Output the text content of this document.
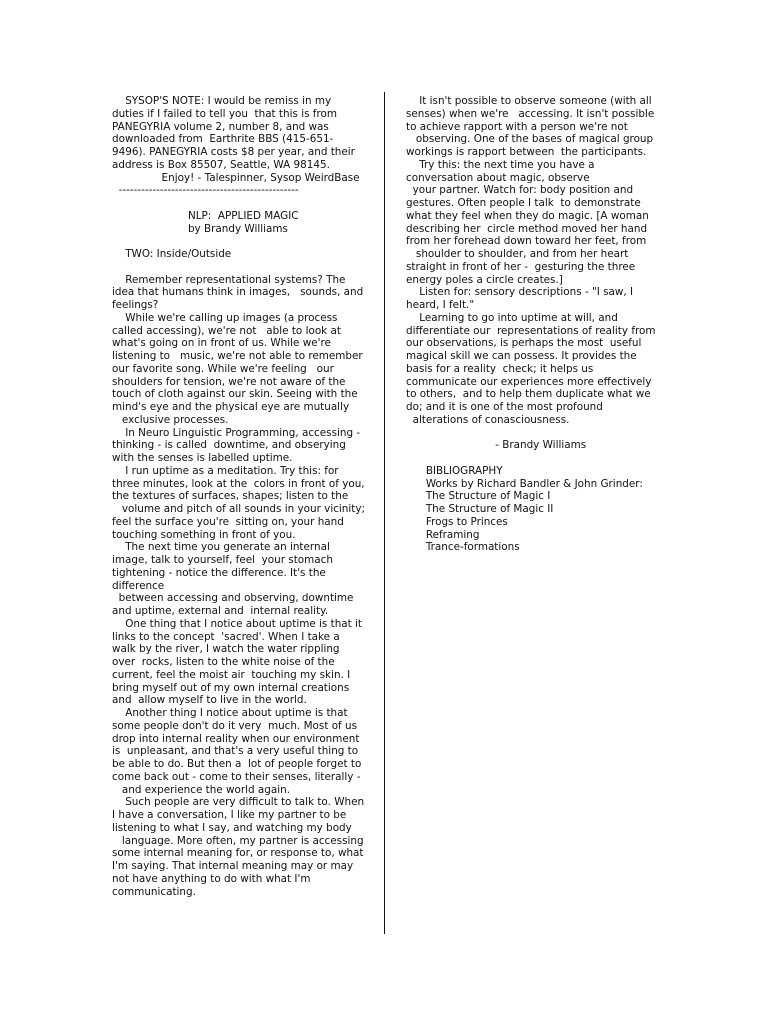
SYSOP'S NOTE: I would be remiss in my
duties if I failed to tell you  that this is from
PANEGYRIA volume 2, number 8, and was
downloaded from  Earthrite BBS (415-651-
9496). PANEGYRIA costs $8 per year, and their
address is Box 85507, Seattle, WA 98145.
Enjoy! - Talespinner, Sysop WeirdBase
------------------------------------------------
NLP:  APPLIED MAGIC
by Brandy Williams
TWO: Inside/Outside
Remember representational systems? The
idea that humans think in images,   sounds, and
feelings?
While we're calling up images (a process
called accessing), we're not   able to look at
what's going on in front of us. While we're
listening to   music, we're not able to remember
our favorite song. While we're feeling   our
shoulders for tension, we're not aware of the
touch of cloth against our skin. Seeing with the
mind's eye and the physical eye are mutually
exclusive processes.
In Neuro Linguistic Programming, accessing -
thinking - is called  downtime, and obserying
with the senses is labelled uptime.
I run uptime as a meditation. Try this: for
three minutes, look at the  colors in front of you,
the textures of surfaces, shapes; listen to the
volume and pitch of all sounds in your vicinity;
feel the surface you're  sitting on, your hand
touching something in front of you.
The next time you generate an internal
image, talk to yourself, feel  your stomach
tightening - notice the difference. It's the
difference
between accessing and observing, downtime
and uptime, external and  internal reality.
One thing that I notice about uptime is that it
links to the concept  'sacred'. When I take a
walk by the river, I watch the water rippling
over  rocks, listen to the white noise of the
current, feel the moist air  touching my skin. I
bring myself out of my own internal creations
and  allow myself to live in the world.
Another thing I notice about uptime is that
some people don't do it very  much. Most of us
drop into internal reality when our environment
is  unpleasant, and that's a very useful thing to
be able to do. But then a  lot of people forget to
come back out - come to their senses, literally -
and experience the world again.
Such people are very difficult to talk to. When
I have a conversation, I like my partner to be
listening to what I say, and watching my body
language. More often, my partner is accessing
some internal meaning for, or response to, what
I'm saying. That internal meaning may or may
not have anything to do with what I'm
communicating.
It isn't possible to observe someone (with all
senses) when we're   accessing. It isn't possible
to achieve rapport with a person we're not
observing. One of the bases of magical group
workings is rapport between  the participants.
Try this: the next time you have a
conversation about magic, observe
your partner. Watch for: body position and
gestures. Often people I talk  to demonstrate
what they feel when they do magic. [A woman
describing her  circle method moved her hand
from her forehead down toward her feet, from
shoulder to shoulder, and from her heart
straight in front of her -  gesturing the three
energy poles a circle creates.]
Listen for: sensory descriptions - "I saw, I
heard, I felt."
Learning to go into uptime at will, and
differentiate our  representations of reality from
our observations, is perhaps the most  useful
magical skill we can possess. It provides the
basis for a reality  check; it helps us
communicate our experiences more effectively
to others,  and to help them duplicate what we
do; and it is one of the most profound
alterations of conasciousness.
- Brandy Williams
BIBLIOGRAPHY
Works by Richard Bandler & John Grinder:
The Structure of Magic I
The Structure of Magic II
Frogs to Princes
Reframing
Trance-formations
